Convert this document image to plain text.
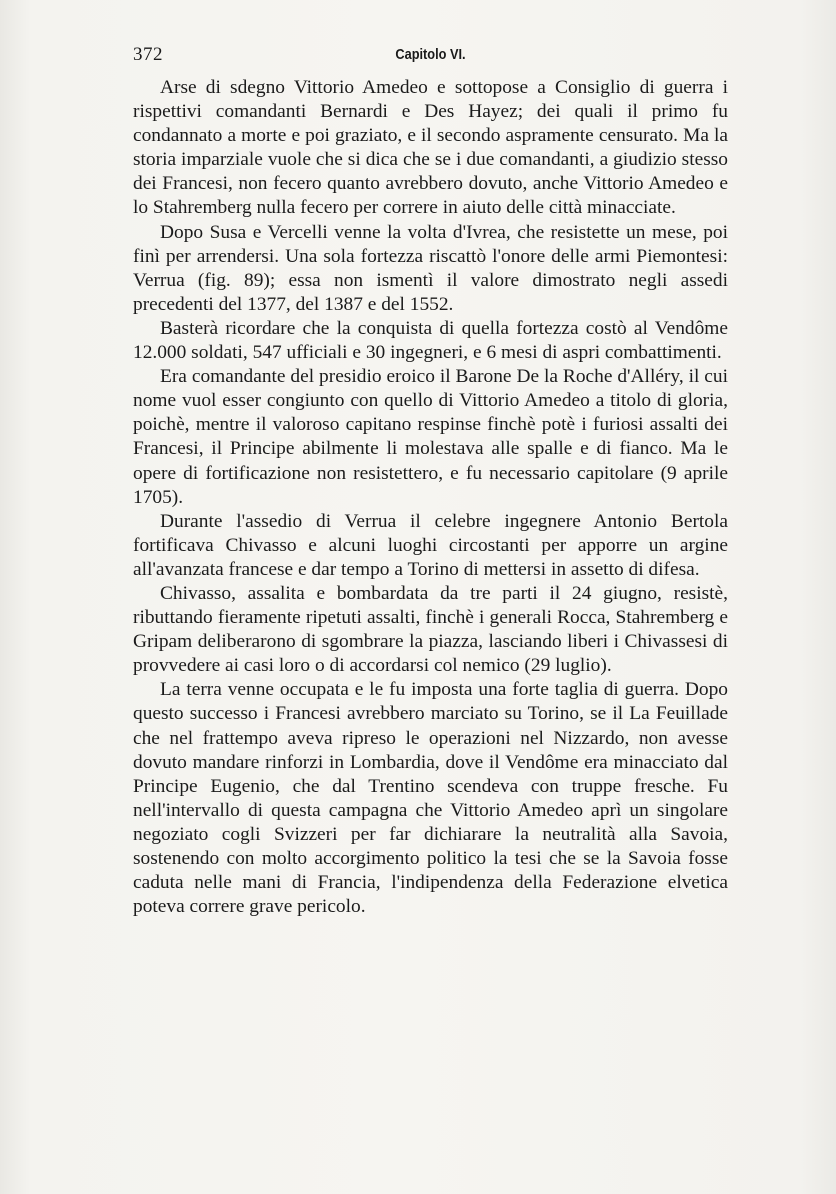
372	Capitolo VI.

Arse di sdegno Vittorio Amedeo e sottopose a Consiglio di guerra i rispettivi comandanti Bernardi e Des Hayez; dei quali il primo fu condannato a morte e poi graziato, e il secondo aspramente censurato. Ma la storia imparziale vuole che si dica che se i due comandanti, a giudizio stesso dei Francesi, non fecero quanto avrebbero dovuto, anche Vittorio Amedeo e lo Stahremberg nulla fecero per correre in aiuto delle città minacciate.

Dopo Susa e Vercelli venne la volta d'Ivrea, che resistette un mese, poi finì per arrendersi. Una sola fortezza riscattò l'onore delle armi Piemontesi: Verrua (fig. 89); essa non ismentì il valore dimostrato negli assedi precedenti del 1377, del 1387 e del 1552.

Basterà ricordare che la conquista di quella fortezza costò al Vendôme 12.000 soldati, 547 ufficiali e 30 ingegneri, e 6 mesi di aspri combattimenti.

Era comandante del presidio eroico il Barone De la Roche d'Alléry, il cui nome vuol esser congiunto con quello di Vittorio Amedeo a titolo di gloria, poichè, mentre il valoroso capitano respinse finchè potè i furiosi assalti dei Francesi, il Principe abilmente li molestava alle spalle e di fianco. Ma le opere di fortificazione non resistettero, e fu necessario capitolare (9 aprile 1705).

Durante l'assedio di Verrua il celebre ingegnere Antonio Bertola fortificava Chivasso e alcuni luoghi circostanti per apporre un argine all'avanzata francese e dar tempo a Torino di mettersi in assetto di difesa.

Chivasso, assalita e bombardata da tre parti il 24 giugno, resistè, ributtando fieramente ripetuti assalti, finchè i generali Rocca, Stahremberg e Gripam deliberarono di sgombrare la piazza, lasciando liberi i Chivassesi di provvedere ai casi loro o di accordarsi col nemico (29 luglio).

La terra venne occupata e le fu imposta una forte taglia di guerra. Dopo questo successo i Francesi avrebbero marciato su Torino, se il La Feuillade che nel frattempo aveva ripreso le operazioni nel Nizzardo, non avesse dovuto mandare rinforzi in Lombardia, dove il Vendôme era minacciato dal Principe Eugenio, che dal Trentino scendeva con truppe fresche. Fu nell'intervallo di questa campagna che Vittorio Amedeo aprì un singolare negoziato cogli Svizzeri per far dichiarare la neutralità alla Savoia, sostenendo con molto accorgimento politico la tesi che se la Savoia fosse caduta nelle mani di Francia, l'indipendenza della Federazione elvetica poteva correre grave pericolo.
